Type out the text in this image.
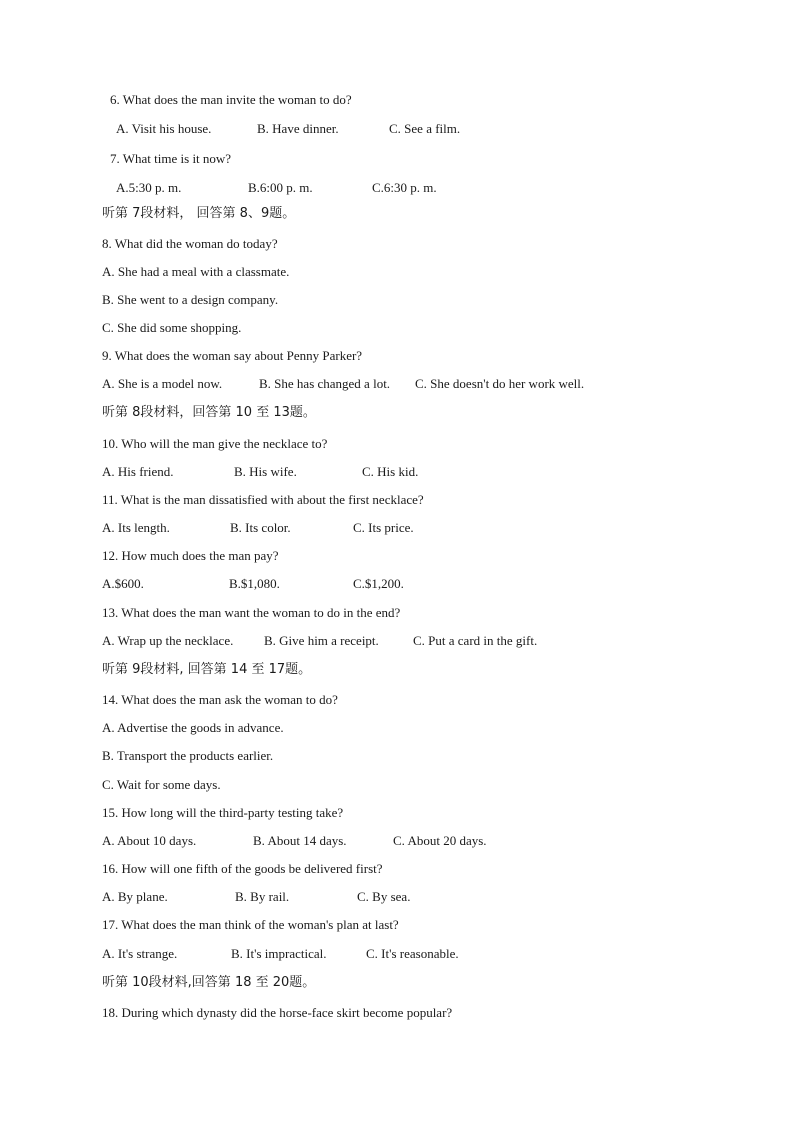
6. What does the man invite the woman to do?

A. Visit his house.

	B. Have dinner.

	C. See a film.

7. What time is it now?

A.5:30 p. m.

	B.6:00 p. m.

	C.6:30 p. m.

听第 7段材料， 回答第 8、9题。
8. What did the woman do today?
A. She had a meal with a classmate.
B. She went to a design company.
C. She did some shopping.
9. What does the woman say about Penny Parker?

A. She is a model now.

	B. She has changed a lot.

C. She doesn't do her work well.

听第 8段材料，回答第 10 至 13题。
10. Who will the man give the necklace to?

A. His friend.

	B. His wife.

	C. His kid.

11. What is the man dissatisfied with about the first necklace?

A. Its length.

	B. Its color.

	C. Its price.

12. How much does the man pay?

A.$600.

	B.$1,080.

	C.$1,200.

13. What does the man want the woman to do in the end?

A. Wrap up the necklace.

B. Give him a receipt.

	C. Put a card in the gift.

听第 9段材料, 回答第 14 至 17题。
14. What does the man ask the woman to do?
A. Advertise the goods in advance.
B. Transport the products earlier.
C. Wait for some days.
15. How long will the third-party testing take?

A. About 10 days.

	B. About 14 days.

	C. About 20 days.

16. How will one fifth of the goods be delivered first?

A. By plane.

	B. By rail.

	C. By sea.

17. What does the man think of the woman's plan at last?

A. It's strange.

	B. It's impractical.

	C. It's reasonable.

听第 10段材料,回答第 18 至 20题。
18. During which dynasty did the horse-face skirt become popular?
